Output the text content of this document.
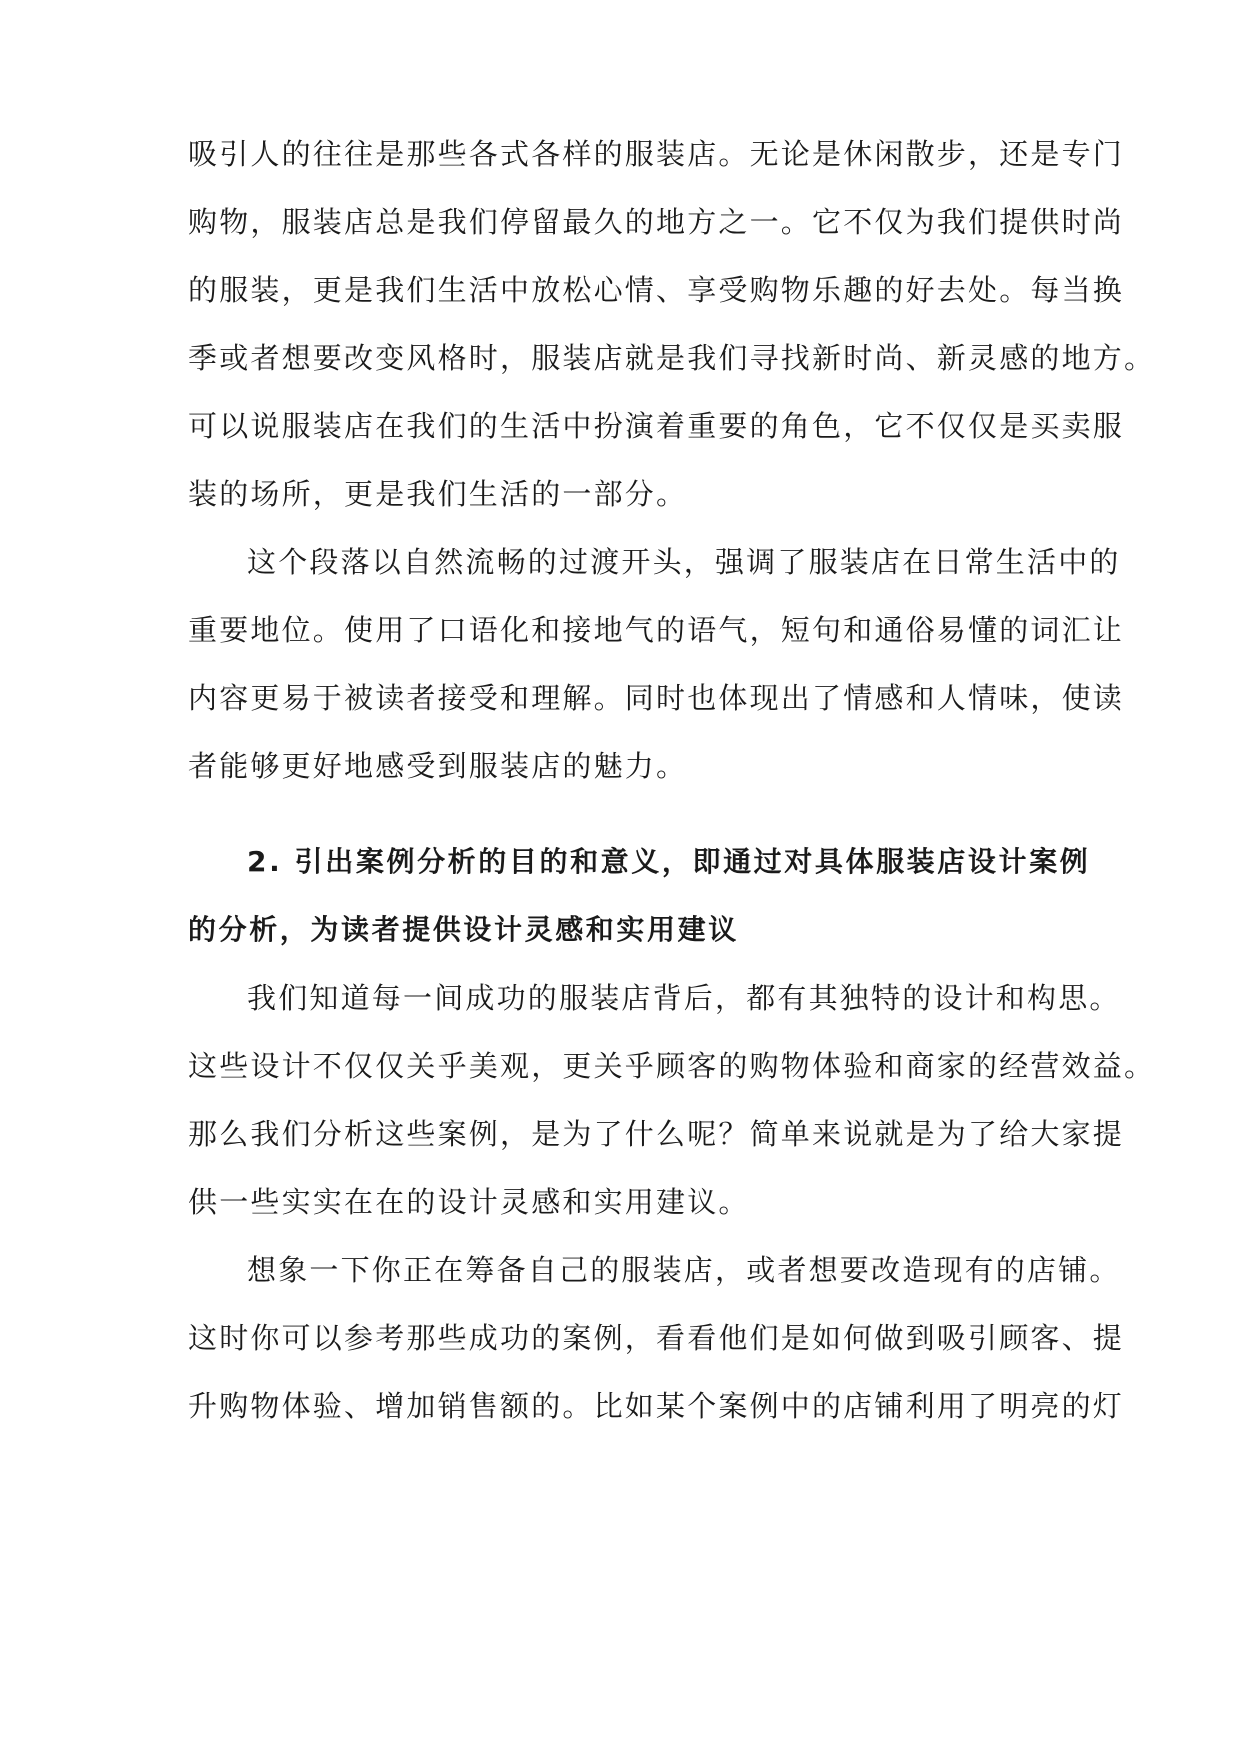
吸引人的往往是那些各式各样的服装店。无论是休闲散步，还是专门
购物，服装店总是我们停留最久的地方之一。它不仅为我们提供时尚
的服装，更是我们生活中放松心情、享受购物乐趣的好去处。每当换
季或者想要改变风格时，服装店就是我们寻找新时尚、新灵感的地方。
可以说服装店在我们的生活中扮演着重要的角色，它不仅仅是买卖服
装的场所，更是我们生活的一部分。
这个段落以自然流畅的过渡开头，强调了服装店在日常生活中的
重要地位。使用了口语化和接地气的语气，短句和通俗易懂的词汇让
内容更易于被读者接受和理解。同时也体现出了情感和人情味，使读
者能够更好地感受到服装店的魅力。
2. 引出案例分析的目的和意义，即通过对具体服装店设计案例
的分析，为读者提供设计灵感和实用建议
我们知道每一间成功的服装店背后，都有其独特的设计和构思。
这些设计不仅仅关乎美观，更关乎顾客的购物体验和商家的经营效益。
那么我们分析这些案例，是为了什么呢？简单来说就是为了给大家提
供一些实实在在的设计灵感和实用建议。
想象一下你正在筹备自己的服装店，或者想要改造现有的店铺。
这时你可以参考那些成功的案例，看看他们是如何做到吸引顾客、提
升购物体验、增加销售额的。比如某个案例中的店铺利用了明亮的灯
